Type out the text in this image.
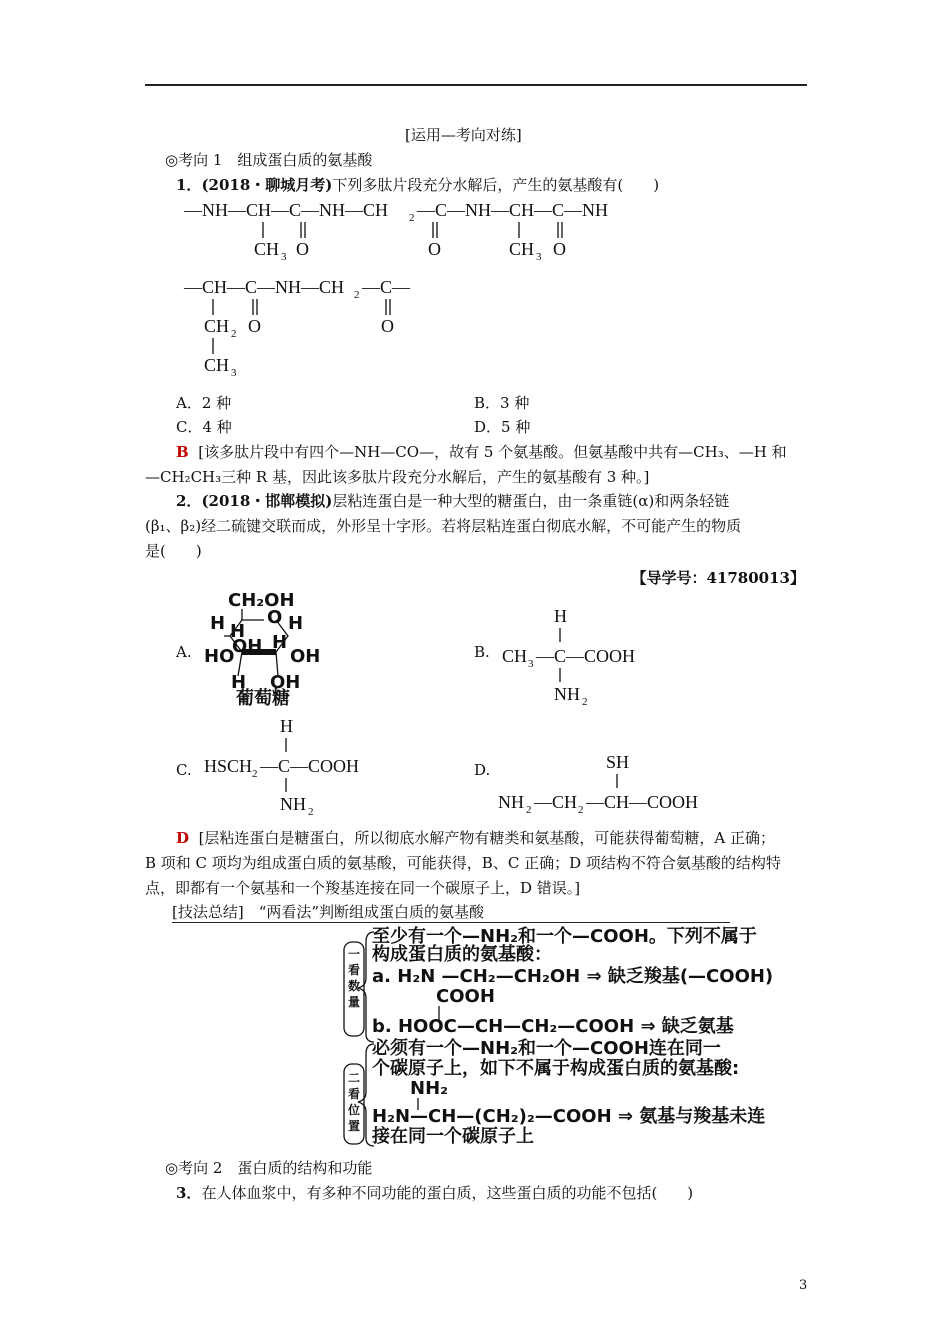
[运用—考向对练]
◎考向 1　组成蛋白质的氨基酸
1．(2018・聊城月考)下列多肽片段充分水解后，产生的氨基酸有(　　)
—NH—CH—C—NH—CH 2 —C—NH—CH—C—NH
CH 3 O	O	CH 3 O
—CH—C—NH—CH 2 —C—
CH 2 O	O
CH 3
A．2 种	B．3 种
C．4 种	D．5 种
B [该多肽片段中有四个—NH—CO—，故有 5 个氨基酸。但氨基酸中共有—CH₃、—H 和
—CH₂CH₃三种 R 基，因此该多肽片段充分水解后，产生的氨基酸有 3 种。]
2．(2018・邯郸模拟)层粘连蛋白是一种大型的糖蛋白，由一条重链(α)和两条轻链
(β₁、β₂)经二硫键交联而成，外形呈十字形。若将层粘连蛋白彻底水解，不可能产生的物质
是(　　)
【导学号：41780013】
A.
CH₂OH
O
H H
HO
OH
H
OH
H
H OH
葡萄糖
B.
H
CH 3 —C—COOH
NH 2
C.
H
HSCH 2 —C—COOH
NH 2
D.	SH
NH 2 —CH 2 —CH—COOH
D [层粘连蛋白是糖蛋白，所以彻底水解产物有糖类和氨基酸，可能获得葡萄糖，A 正确；
B 项和 C 项均为组成蛋白质的氨基酸，可能获得，B、C 正确；D 项结构不符合氨基酸的结构特
点，即都有一个氨基和一个羧基连接在同一个碳原子上，D 错误。]
[技法总结]　“两看法”判断组成蛋白质的氨基酸
至少有一个—NH₂和一个—COOH。下列不属于
构成蛋白质的氨基酸：
a. H₂N —CH₂—CH₂OH ⇒ 缺乏羧基(—COOH)
COOH
b. HOOC—CH—CH₂—COOH ⇒ 缺乏氨基
必须有一个—NH₂和一个—COOH连在同一
个碳原子上，如下不属于构成蛋白质的氨基酸:
NH₂
H₂N—CH—(CH₂)₂—COOH ⇒ 氨基与羧基未连
接在同一个碳原子上
一看数量
二看位置
◎考向 2　蛋白质的结构和功能
3．在人体血浆中，有多种不同功能的蛋白质，这些蛋白质的功能不包括(　　)
3
